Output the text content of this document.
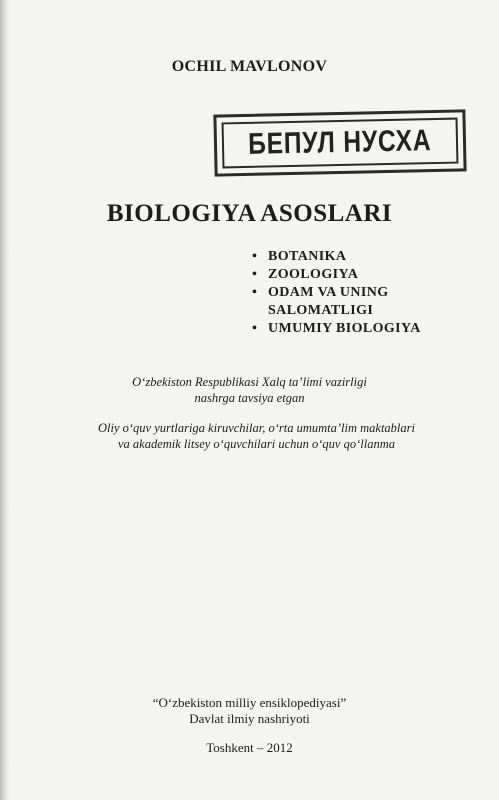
OCHIL MAVLONOV
БЕПУЛ НУСХА
BIOLOGIYA ASOSLARI
• BOTANIKA
• ZOOLOGIYA
• ODAM VA UNING
SALOMATLIGI
• UMUMIY BIOLOGIYA
O‘zbekiston Respublikasi Xalq ta’limi vazirligi
nashrga tavsiya etgan
Oliy o‘quv yurtlariga kiruvchilar, o‘rta umumta’lim maktablari
va akademik litsey o‘quvchilari uchun o‘quv qo‘llanma
“O‘zbekiston milliy ensiklopediyasi”
Davlat ilmiy nashriyoti
Toshkent – 2012
